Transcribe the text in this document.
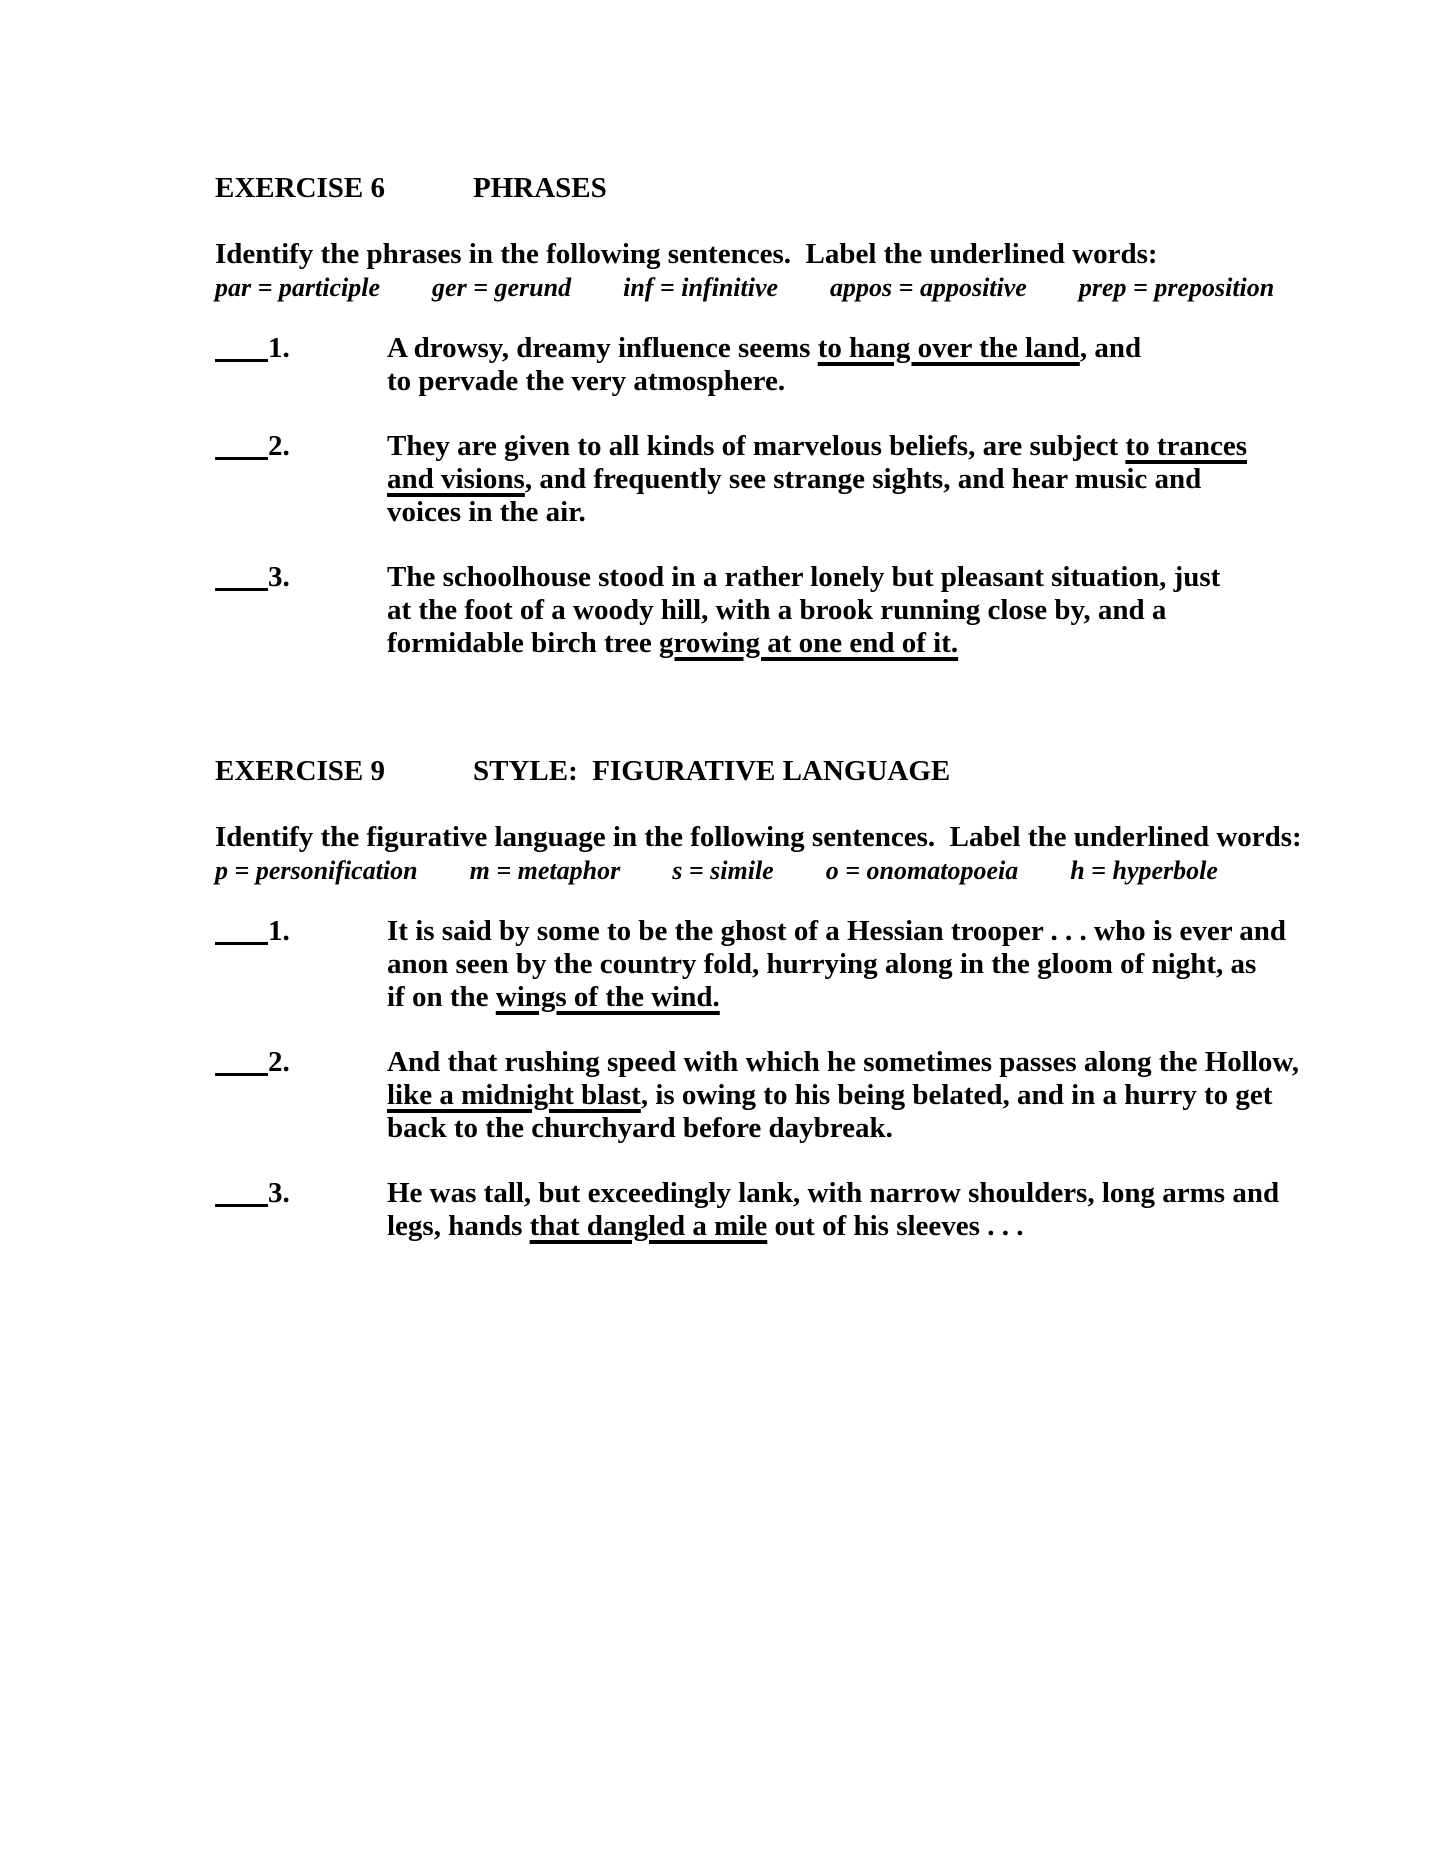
EXERCISE 6	PHRASES
Identify the phrases in the following sentences.  Label the underlined words:
par = participle ger = gerund inf = infinitive appos = appositive prep = preposition
1.	A drowsy, dreamy influence seems to hang over the land, and
to pervade the very atmosphere.
2.	They are given to all kinds of marvelous beliefs, are subject to trances
and visions, and frequently see strange sights, and hear music and
voices in the air.
3.	The schoolhouse stood in a rather lonely but pleasant situation, just
at the foot of a woody hill, with a brook running close by, and a
formidable birch tree growing at one end of it.
EXERCISE 9	STYLE:  FIGURATIVE LANGUAGE
Identify the figurative language in the following sentences.  Label the underlined words:
p = personification m = metaphor s = simile o = onomatopoeia h = hyperbole
1.	It is said by some to be the ghost of a Hessian trooper . . . who is ever and
anon seen by the country fold, hurrying along in the gloom of night, as
if on the wings of the wind.
2.	And that rushing speed with which he sometimes passes along the Hollow,
like a midnight blast, is owing to his being belated, and in a hurry to get
back to the churchyard before daybreak.
3.	He was tall, but exceedingly lank, with narrow shoulders, long arms and
legs, hands that dangled a mile out of his sleeves . . .
